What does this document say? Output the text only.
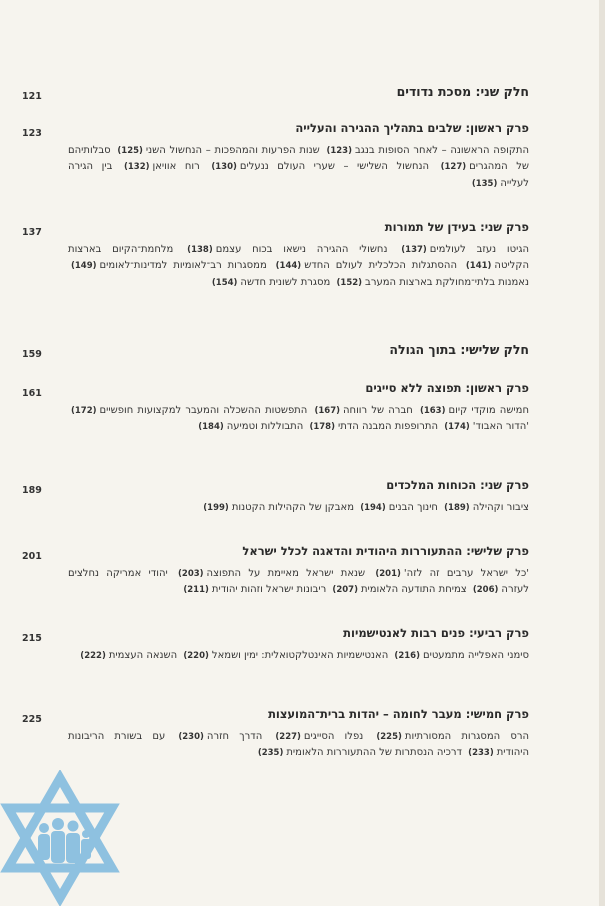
121	חלק שני: מסכת נדודים
123	פרק ראשון: שלבים בתהליך ההגירה והעלייה
התקופה הראשונה – לאחר הסופות בנגב(123) שנות הפרעות והמהפכות – הנחשול השני(125) סבלותיהם של המהגרים(127) הנחשול השלישי – שערי העולם ננעלים(130) רוח אוויאן(132) בין הגירה לעלייה(135)
137	פרק שני: בעידן של תמורות
הגיטו נעזב לעולמים(137) נחשולי ההגירה נישאו בכוח עצמם(138) מלחמת־הקיום בארצות הקליטה(141) ההסתגלות הכלכלית לעולם החדש(144) ממסגרות רב־לאומיות למדינות־לאומים(149) נאמנות בלתי־מחולקת בארצות המערב(152) מסגרת לשונית חדשה(154)
159	חלק שלישי: בתוך הגולה
161	פרק ראשון: תפוצה ללא סייגים
חמישה מוקדי קיום(163) חברה של רווחה(167) התפשטות ההשכלה והמעבר למקצועות חופשיים(172) 'הדור האבוד'(174) התרופפות המבנה הדתי(178) התבוללות וטמיעה(184)
189	פרק שני: הכוחות המלכדים
ציבור וקהילה(189) חינוך הבנים(194) מאבקן של הקהילות הקטנות(199)
201	פרק שלישי: ההתעוררות היהודית והדאגה לכלל ישראל
'כל ישראל ערבים זה לזה'(201) שנאת ישראל מאיימת על התפוצה(203) יהודי אמריקה נחלצים לעזרה(206) צמיחת התודעה הלאומית(207) ריבונות ישראל וזהות יהודית(211)
215	פרק רביעי: פנים רבות לאנטישמיות
סימני האפלייה מתמעטים(216) האנטישמיות האינטלקטואלית: ימין ושמאל(220) השנאה העצמית(222)
225	פרק חמישי: מעבר לחומה – יהדות ברית־המועצות
הרס המסגרות המסורתיות(225) נפלו הסייגים(227) הדרך חזרה(230) עם בשורת הריבונות היהודית(233) דרכיה הנסתרות של ההתעוררות הלאומית(235)
